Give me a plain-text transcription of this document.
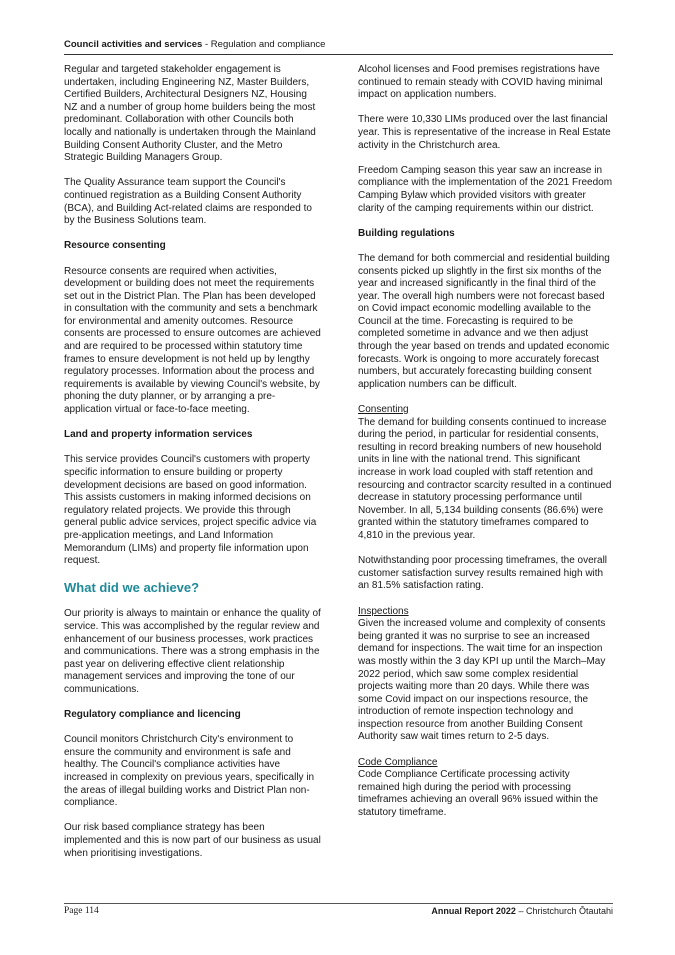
Council activities and services - Regulation and compliance

Regular and targeted stakeholder engagement is undertaken, including Engineering NZ, Master Builders, Certified Builders, Architectural Designers NZ, Housing NZ and a number of group home builders being the most predominant. Collaboration with other Councils both locally and nationally is undertaken through the Mainland Building Consent Authority Cluster, and the Metro Strategic Building Managers Group.

The Quality Assurance team support the Council's continued registration as a Building Consent Authority (BCA), and Building Act-related claims are responded to by the Business Solutions team.

Resource consenting

Resource consents are required when activities, development or building does not meet the requirements set out in the District Plan. The Plan has been developed in consultation with the community and sets a benchmark for environmental and amenity outcomes. Resource consents are processed to ensure outcomes are achieved and are required to be processed within statutory time frames to ensure development is not held up by lengthy regulatory processes. Information about the process and requirements is available by viewing Council's website, by phoning the duty planner, or by arranging a pre-application virtual or face-to-face meeting.

Land and property information services

This service provides Council's customers with property specific information to ensure building or property development decisions are based on good information. This assists customers in making informed decisions on regulatory related projects. We provide this through general public advice services, project specific advice via pre-application meetings, and Land Information Memorandum (LIMs) and property file information upon request.

What did we achieve?

Our priority is always to maintain or enhance the quality of service. This was accomplished by the regular review and enhancement of our business processes, work practices and communications. There was a strong emphasis in the past year on delivering effective client relationship management services and improving the tone of our communications.

Regulatory compliance and licencing

Council monitors Christchurch City's environment to ensure the community and environment is safe and healthy. The Council's compliance activities have increased in complexity on previous years, specifically in the areas of illegal building works and District Plan non-compliance.

Our risk based compliance strategy has been implemented and this is now part of our business as usual when prioritising investigations.

Alcohol licenses and Food premises registrations have continued to remain steady with COVID having minimal impact on application numbers.

There were 10,330 LIMs produced over the last financial year. This is representative of the increase in Real Estate activity in the Christchurch area.

Freedom Camping season this year saw an increase in compliance with the implementation of the 2021 Freedom Camping Bylaw which provided visitors with greater clarity of the camping requirements within our district.

Building regulations

The demand for both commercial and residential building consents picked up slightly in the first six months of the year and increased significantly in the final third of the year. The overall high numbers were not forecast based on Covid impact economic modelling available to the Council at the time. Forecasting is required to be completed sometime in advance and we then adjust through the year based on trends and updated economic forecasts. Work is ongoing to more accurately forecast numbers, but accurately forecasting building consent application numbers can be difficult.

Consenting

The demand for building consents continued to increase during the period, in particular for residential consents, resulting in record breaking numbers of new household units in line with the national trend. This significant increase in work load coupled with staff retention and resourcing and contractor scarcity resulted in a continued decrease in statutory processing performance until November. In all, 5,134 building consents (86.6%) were granted within the statutory timeframes compared to 4,810 in the previous year.

Notwithstanding poor processing timeframes, the overall customer satisfaction survey results remained high with an 81.5% satisfaction rating.

Inspections

Given the increased volume and complexity of consents being granted it was no surprise to see an increased demand for inspections. The wait time for an inspection was mostly within the 3 day KPI up until the March–May 2022 period, which saw some complex residential projects waiting more than 20 days. While there was some Covid impact on our inspections resource, the introduction of remote inspection technology and inspection resource from another Building Consent Authority saw wait times return to 2-5 days.

Code Compliance

Code Compliance Certificate processing activity remained high during the period with processing timeframes achieving an overall 96% issued within the statutory timeframe.

Page 114	Annual Report 2022 – Christchurch Ōtautahi
